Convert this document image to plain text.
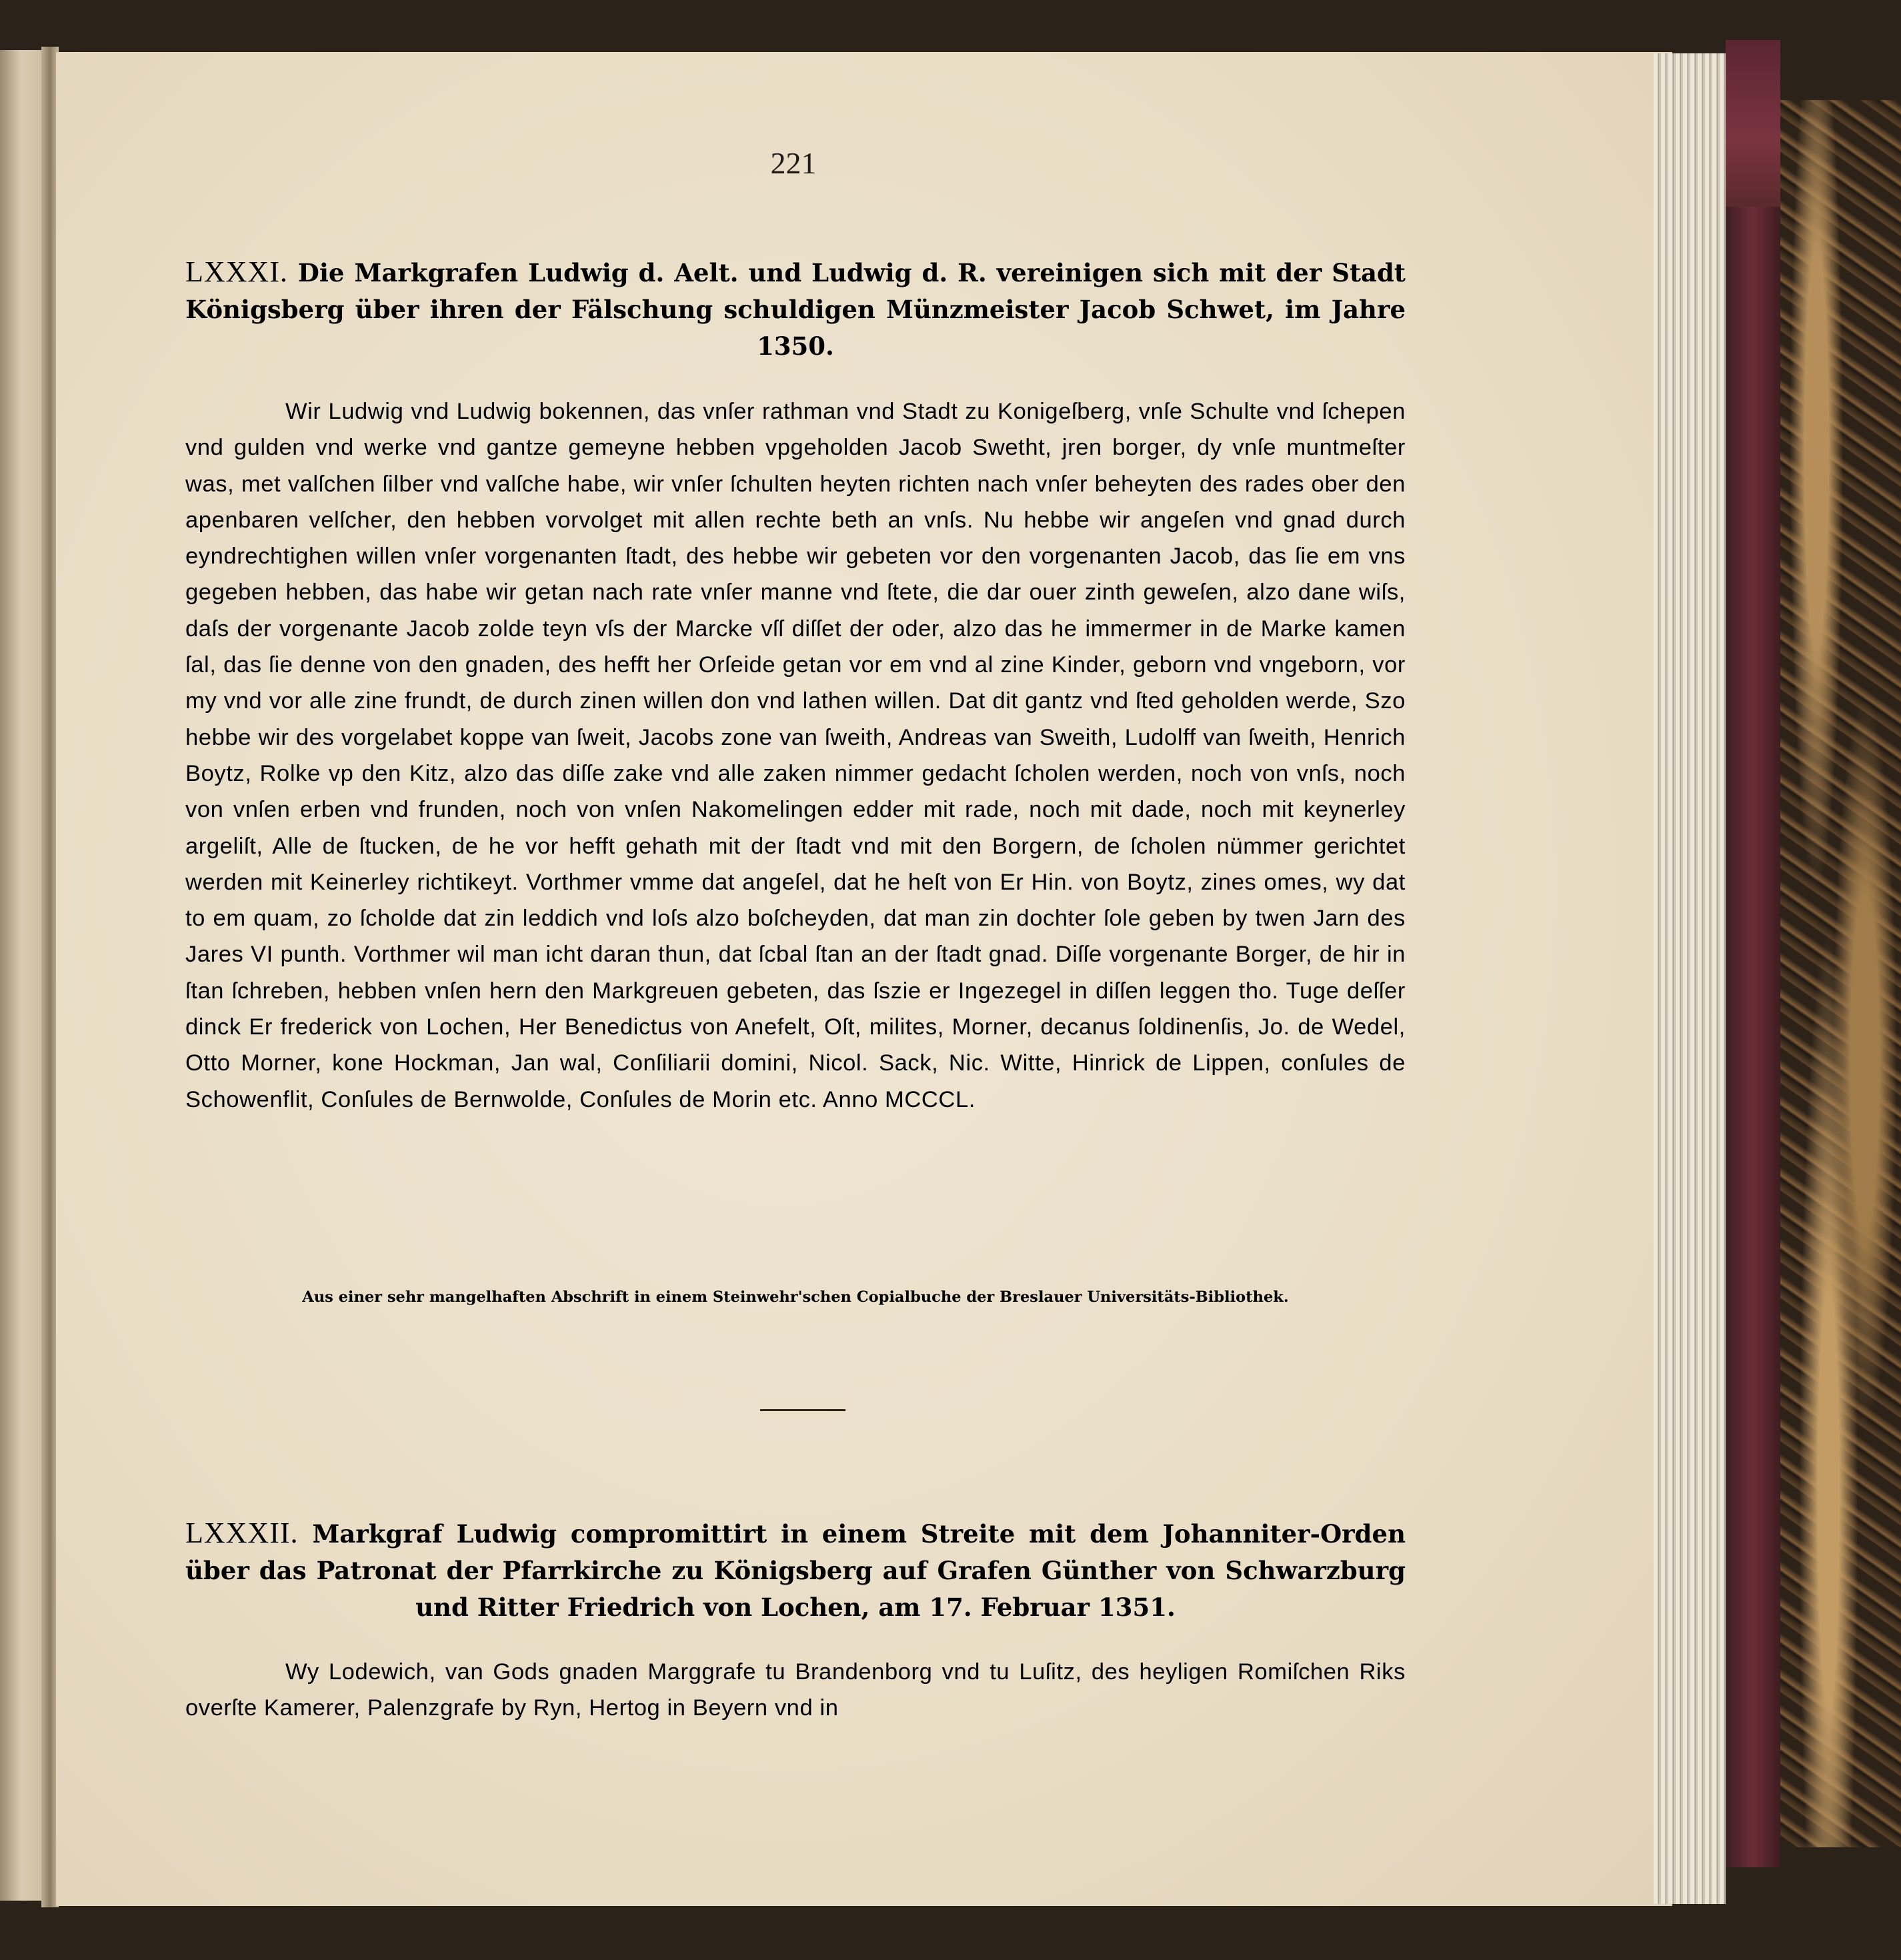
221

LXXXI. Die Markgrafen Ludwig d. Aelt. und Ludwig d. R. vereinigen sich mit der Stadt Königsberg über ihren der Fälschung schuldigen Münzmeister Jacob Schwet, im Jahre 1350.

Wir Ludwig vnd Ludwig bokennen, das vnſer rathman vnd Stadt zu Konigeſberg, vnſe Schulte vnd ſchepen vnd gulden vnd werke vnd gantze gemeyne hebben vpgeholden Jacob Swetht, jren borger, dy vnſe muntmeſter was, met valſchen ſilber vnd valſche habe, wir vnſer ſchulten heyten richten nach vnſer beheyten des rades ober den apenbaren velſcher, den hebben vorvolget mit allen rechte beth an vnſs. Nu hebbe wir angeſen vnd gnad durch eyndrechtighen willen vnſer vorgenanten ſtadt, des hebbe wir gebeten vor den vorgenanten Jacob, das ſie em vns gegeben hebben, das habe wir getan nach rate vnſer manne vnd ſtete, die dar ouer zinth geweſen, alzo dane wiſs, daſs der vorgenante Jacob zolde teyn vſs der Marcke vſſ diſſet der oder, alzo das he immermer in de Marke kamen ſal, das ſie denne von den gnaden, des hefft her Orſeide getan vor em vnd al zine Kinder, geborn vnd vngeborn, vor my vnd vor alle zine frundt, de durch zinen willen don vnd lathen willen. Dat dit gantz vnd ſted geholden werde, Szo hebbe wir des vorgelabet koppe van ſweit, Jacobs zone van ſweith, Andreas van Sweith, Ludolff van ſweith, Henrich Boytz, Rolke vp den Kitz, alzo das diſſe zake vnd alle zaken nimmer gedacht ſcholen werden, noch von vnſs, noch von vnſen erben vnd frunden, noch von vnſen Nakomelingen edder mit rade, noch mit dade, noch mit keynerley argeliſt, Alle de ſtucken, de he vor hefft gehath mit der ſtadt vnd mit den Borgern, de ſcholen nümmer gerichtet werden mit Keinerley richtikeyt. Vorthmer vmme dat angeſel, dat he heſt von Er Hin. von Boytz, zines omes, wy dat to em quam, zo ſcholde dat zin leddich vnd loſs alzo boſcheyden, dat man zin dochter ſole geben by twen Jarn des Jares VI punth. Vorthmer wil man icht daran thun, dat ſcbal ſtan an der ſtadt gnad. Diſſe vorgenante Borger, de hir in ſtan ſchreben, hebben vnſen hern den Markgreuen gebeten, das ſszie er Ingezegel in diſſen leggen tho. Tuge deſſer dinck Er frederick von Lochen, Her Benedictus von Anefelt, Oſt, milites, Morner, decanus ſoldinenſis, Jo. de Wedel, Otto Morner, kone Hockman, Jan wal, Conſiliarii domini, Nicol. Sack, Nic. Witte, Hinrick de Lippen, conſules de Schowenflit, Conſules de Bernwolde, Conſules de Morin etc. Anno MCCCL.

Aus einer sehr mangelhaften Abschrift in einem Steinwehr'schen Copialbuche der Breslauer Universitäts-Bibliothek.

LXXXII. Markgraf Ludwig compromittirt in einem Streite mit dem Johanniter-Orden über das Patronat der Pfarrkirche zu Königsberg auf Grafen Günther von Schwarzburg und Ritter Friedrich von Lochen, am 17. Februar 1351.

Wy Lodewich, van Gods gnaden Marggrafe tu Brandenborg vnd tu Luſitz, des heyligen Romiſchen Riks overſte Kamerer, Palenzgrafe by Ryn, Hertog in Beyern vnd in
